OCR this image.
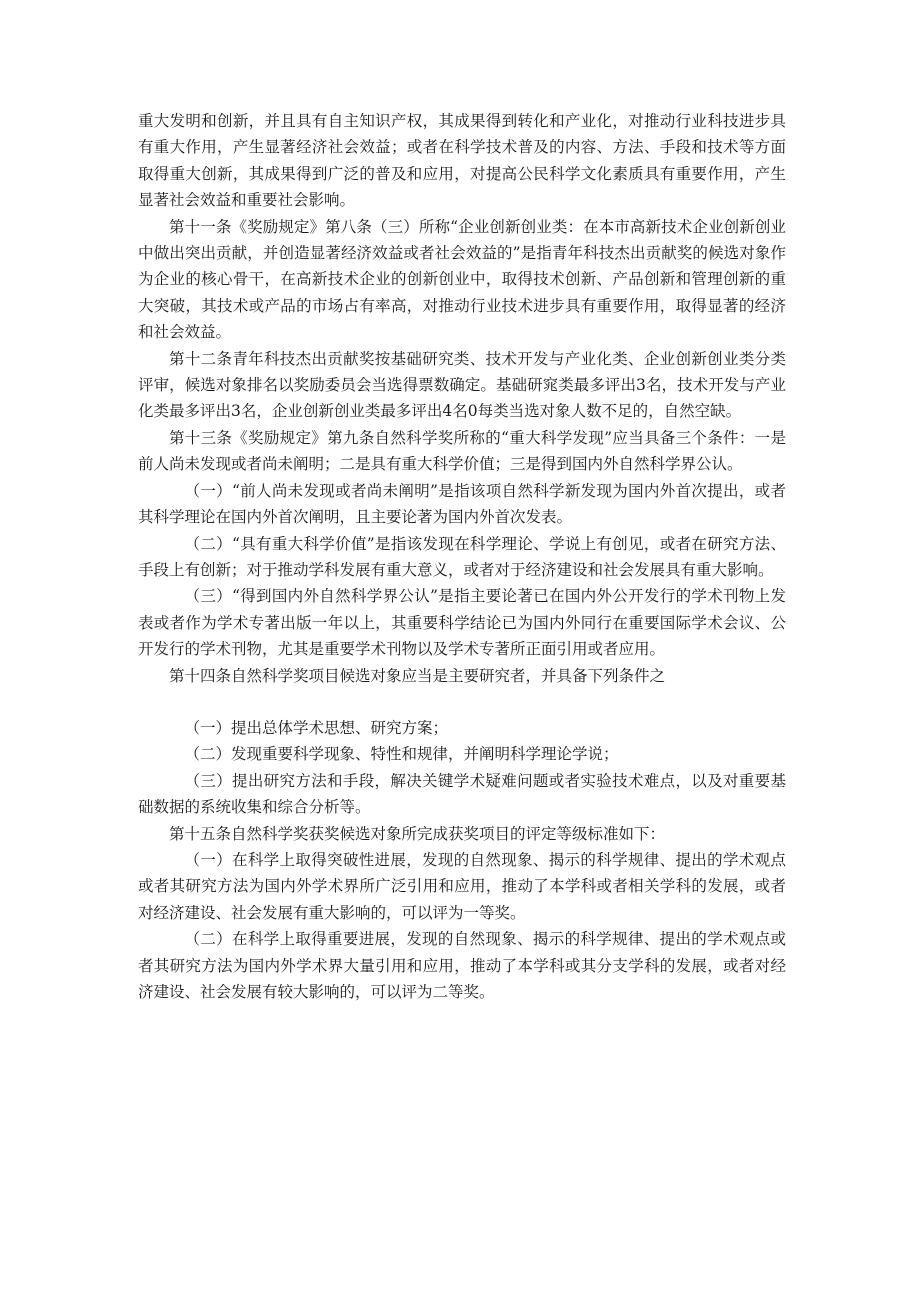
重大发明和创新，并且具有自主知识产权，其成果得到转化和产业化，对推动行业科技进步具有重大作用，产生显著经济社会效益；或者在科学技术普及的内容、方法、手段和技术等方面取得重大创新，其成果得到广泛的普及和应用，对提高公民科学文化素质具有重要作用，产生显著社会效益和重要社会影响。

第十一条《奖励规定》第八条（三）所称“企业创新创业类：在本市高新技术企业创新创业中做出突出贡献，并创造显著经济效益或者社会效益的”是指青年科技杰出贡献奖的候选对象作为企业的核心骨干，在高新技术企业的创新创业中，取得技术创新、产品创新和管理创新的重大突破，其技术或产品的市场占有率高，对推动行业技术进步具有重要作用，取得显著的经济和社会效益。

第十二条青年科技杰出贡献奖按基础研究类、技术开发与产业化类、企业创新创业类分类评审，候选对象排名以奖励委员会当选得票数确定。基础研窕类最多评出3名，技术开发与产业化类最多评出3名，企业创新创业类最多评出4名0每类当选对象人数不足的，自然空缺。

第十三条《奖励规定》第九条自然科学奖所称的“重大科学发现”应当具备三个条件：一是前人尚未发现或者尚未阐明；二是具有重大科学价值；三是得到国内外自然科学界公认。

（一）“前人尚未发现或者尚未阐明”是指该项自然科学新发现为国内外首次提出，或者其科学理论在国内外首次阐明，且主要论著为国内外首次发表。

（二）“具有重大科学价值”是指该发现在科学理论、学说上有创见，或者在研究方法、手段上有创新；对于推动学科发展有重大意义，或者对于经济建设和社会发展具有重大影响。

（三）“得到国内外自然科学界公认”是指主要论著已在国内外公开发行的学术刊物上发表或者作为学术专著出版一年以上，其重要科学结论已为国内外同行在重要国际学术会议、公开发行的学术刊物，尤其是重要学术刊物以及学术专著所正面引用或者应用。

第十四条自然科学奖项目候选对象应当是主要研究者，并具备下列条件之

（一）提出总体学术思想、研究方案；

（二）发现重要科学现象、特性和规律，并阐明科学理论学说；

（三）提出研究方法和手段，解决关键学术疑难问题或者实验技术难点，以及对重要基础数据的系统收集和综合分析等。

第十五条自然科学奖获奖候选对象所完成获奖项目的评定等级标准如下：

（一）在科学上取得突破性进展，发现的自然现象、揭示的科学规律、提出的学术观点或者其研究方法为国内外学术界所广泛引用和应用，推动了本学科或者相关学科的发展，或者对经济建设、社会发展有重大影响的，可以评为一等奖。

（二）在科学上取得重要进展，发现的自然现象、揭示的科学规律、提出的学术观点或者其研究方法为国内外学术界大量引用和应用，推动了本学科或其分支学科的发展，或者对经济建设、社会发展有较大影响的，可以评为二等奖。
